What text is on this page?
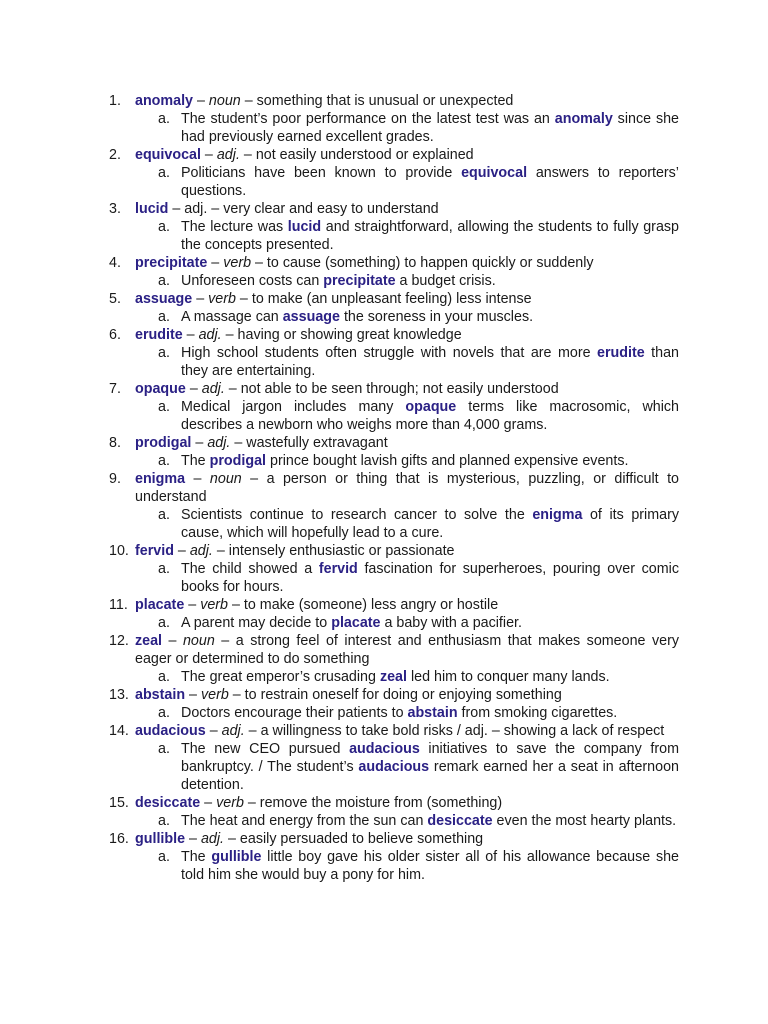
1. anomaly – noun – something that is unusual or unexpected
a. The student’s poor performance on the latest test was an anomaly since she had previously earned excellent grades.
2. equivocal – adj. – not easily understood or explained
a. Politicians have been known to provide equivocal answers to reporters’ questions.
3. lucid – adj. – very clear and easy to understand
a. The lecture was lucid and straightforward, allowing the students to fully grasp the concepts presented.
4. precipitate – verb – to cause (something) to happen quickly or suddenly
a. Unforeseen costs can precipitate a budget crisis.
5. assuage – verb – to make (an unpleasant feeling) less intense
a. A massage can assuage the soreness in your muscles.
6. erudite – adj. – having or showing great knowledge
a. High school students often struggle with novels that are more erudite than they are entertaining.
7. opaque – adj. – not able to be seen through; not easily understood
a. Medical jargon includes many opaque terms like macrosomic, which describes a newborn who weighs more than 4,000 grams.
8. prodigal – adj. – wastefully extravagant
a. The prodigal prince bought lavish gifts and planned expensive events.
9. enigma – noun – a person or thing that is mysterious, puzzling, or difficult to understand
a. Scientists continue to research cancer to solve the enigma of its primary cause, which will hopefully lead to a cure.
10. fervid – adj. – intensely enthusiastic or passionate
a. The child showed a fervid fascination for superheroes, pouring over comic books for hours.
11. placate – verb – to make (someone) less angry or hostile
a. A parent may decide to placate a baby with a pacifier.
12. zeal – noun – a strong feel of interest and enthusiasm that makes someone very eager or determined to do something
a. The great emperor’s crusading zeal led him to conquer many lands.
13. abstain – verb – to restrain oneself for doing or enjoying something
a. Doctors encourage their patients to abstain from smoking cigarettes.
14. audacious – adj. – a willingness to take bold risks / adj. – showing a lack of respect
a. The new CEO pursued audacious initiatives to save the company from bankruptcy. / The student’s audacious remark earned her a seat in afternoon detention.
15. desiccate – verb – remove the moisture from (something)
a. The heat and energy from the sun can desiccate even the most hearty plants.
16. gullible – adj. – easily persuaded to believe something
a. The gullible little boy gave his older sister all of his allowance because she told him she would buy a pony for him.
